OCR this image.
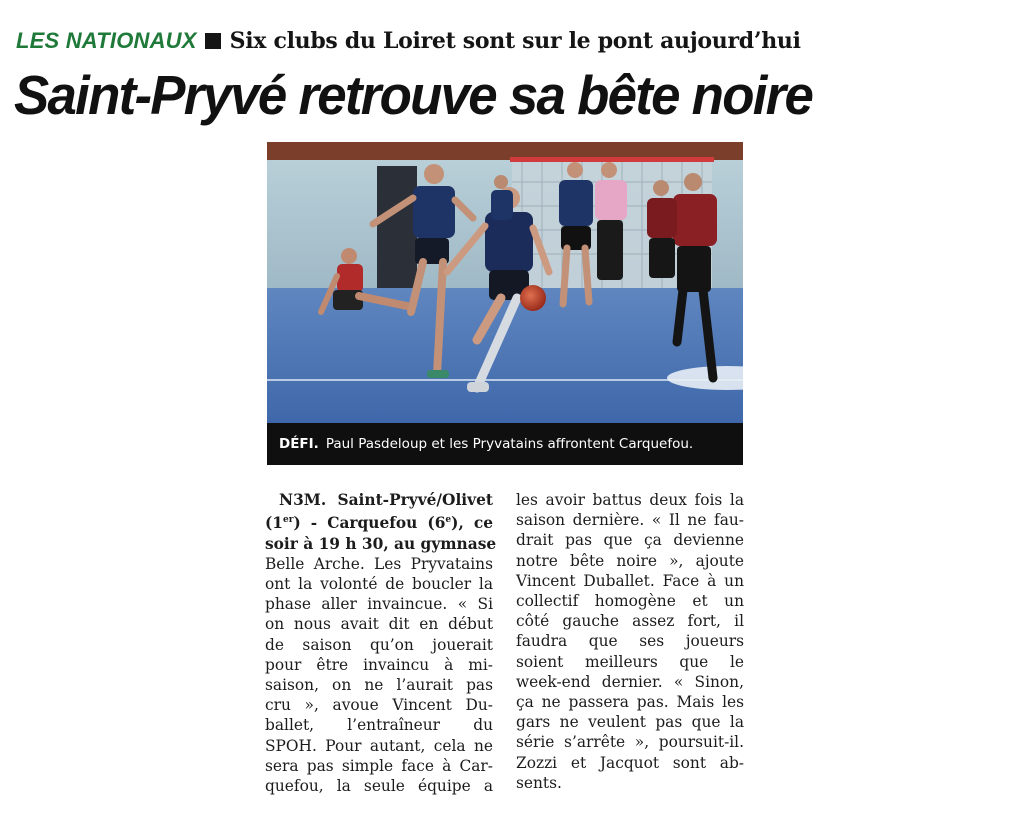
LES NATIONAUX Six clubs du Loiret sont sur le pont aujourd’hui
Saint-Pryvé retrouve sa bête noire
DÉFI. Paul Pasdeloup et les Pryvatains affrontent Carquefou.
N3M. Saint-Pryvé/Olivet
(1er) - Carquefou (6e), ce
soir à 19 h 30, au gymnase
Belle Arche. Les Pryvatains
ont la volonté de boucler la
phase aller invaincue. « Si
on nous avait dit en début
de saison qu’on jouerait
pour être invaincu à mi-
saison, on ne l’aurait pas
cru », avoue Vincent Du-
ballet, l’entraîneur du
SPOH. Pour autant, cela ne
sera pas simple face à Car-
quefou, la seule équipe a
les avoir battus deux fois la
saison dernière. « Il ne fau-
drait pas que ça devienne
notre bête noire », ajoute
Vincent Duballet. Face à un
collectif homogène et un
côté gauche assez fort, il
faudra que ses joueurs
soient meilleurs que le
week-end dernier. « Sinon,
ça ne passera pas. Mais les
gars ne veulent pas que la
série s’arrête », poursuit-il.
Zozzi et Jacquot sont ab-
sents.
